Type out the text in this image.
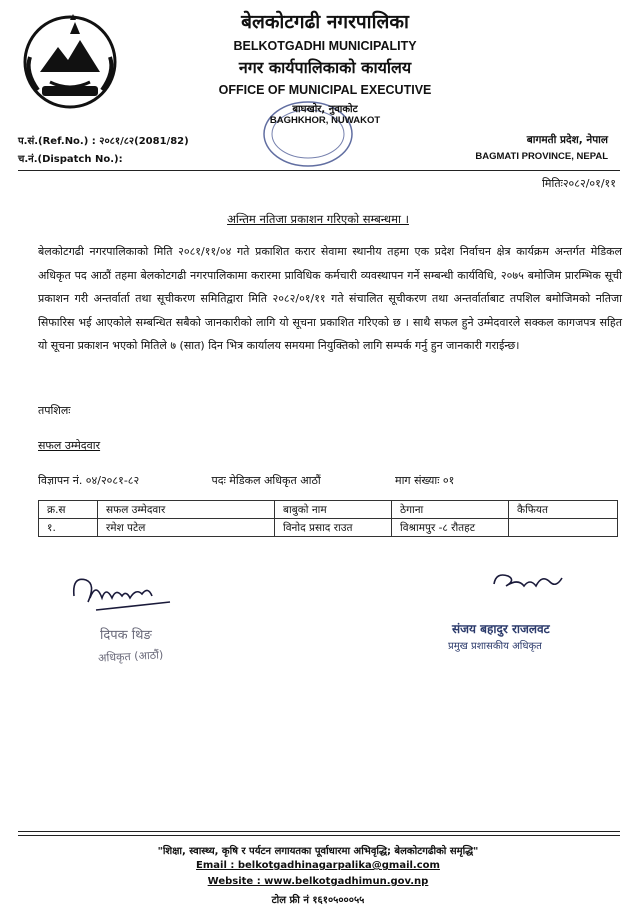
बेलकोटगढी नगरपालिका
BELKOTGADHI MUNICIPALITY
नगर कार्यपालिकाको कार्यालय
OFFICE OF MUNICIPAL EXECUTIVE
बाघखोर, नुवाकोट
BAGHKHOR, NUWAKOT
प.सं.(Ref.No.) : २०८१/८२(2081/82)
च.नं.(Dispatch No.):
बागमती प्रदेश, नेपाल
BAGMATI PROVINCE, NEPAL
मितिः२०८२/०१/११
अन्तिम नतिजा प्रकाशन गरिएको सम्बन्धमा ।
बेलकोटगढी नगरपालिकाको मिति २०८१/११/०४ गते प्रकाशित करार सेवामा स्थानीय तहमा एक प्रदेश निर्वाचन क्षेत्र कार्यक्रम अन्तर्गत मेडिकल अधिकृत पद आठौं तहमा बेलकोटगढी नगरपालिकामा करारमा प्राविधिक कर्मचारी व्यवस्थापन गर्ने सम्बन्धी कार्यविधि, २०७५ बमोजिम प्रारम्भिक सूची प्रकाशन गरी अन्तर्वार्ता तथा सूचीकरण समितिद्वारा मिति २०८२/०१/११ गते संचालित सूचीकरण तथा अन्तर्वार्ताबाट तपशिल बमोजिमको नतिजा सिफारिस भई आएकोले सम्बन्धित सबैको जानकारीको लागि यो सूचना प्रकाशित गरिएको छ । साथै सफल हुने उम्मेदवारले सक्कल कागजपत्र सहित यो सूचना प्रकाशन भएको मितिले ७ (सात) दिन भित्र कार्यालय समयमा नियुक्तिको लागि सम्पर्क गर्नु हुन जानकारी गराईन्छ।
तपशिलः
सफल उम्मेदवार
विज्ञापन नं. ०४/२०८१-८२	पदः मेडिकल अधिकृत आठौं	माग संख्याः ०१
क्र.स	सफल उम्मेदवार	बाबुको नाम	ठेगाना	कैफियत
१.	रमेश पटेल	विनोद प्रसाद राउत	विश्रामपुर -८ रौतहट	
दिपक थिङ
अधिकृत (आठौं)
संजय बहादुर राजलवट
प्रमुख प्रशासकीय अधिकृत
"शिक्षा, स्वास्थ्य, कृषि र पर्यटन लगायतका पूर्वाधारमा अभिवृद्धि; बेलकोटगढीको समृद्धि"
Email : belkotgadhinagarpalika@gmail.com
Website : www.belkotgadhimun.gov.np
टोल फ्री नं १६१०५०००५५
